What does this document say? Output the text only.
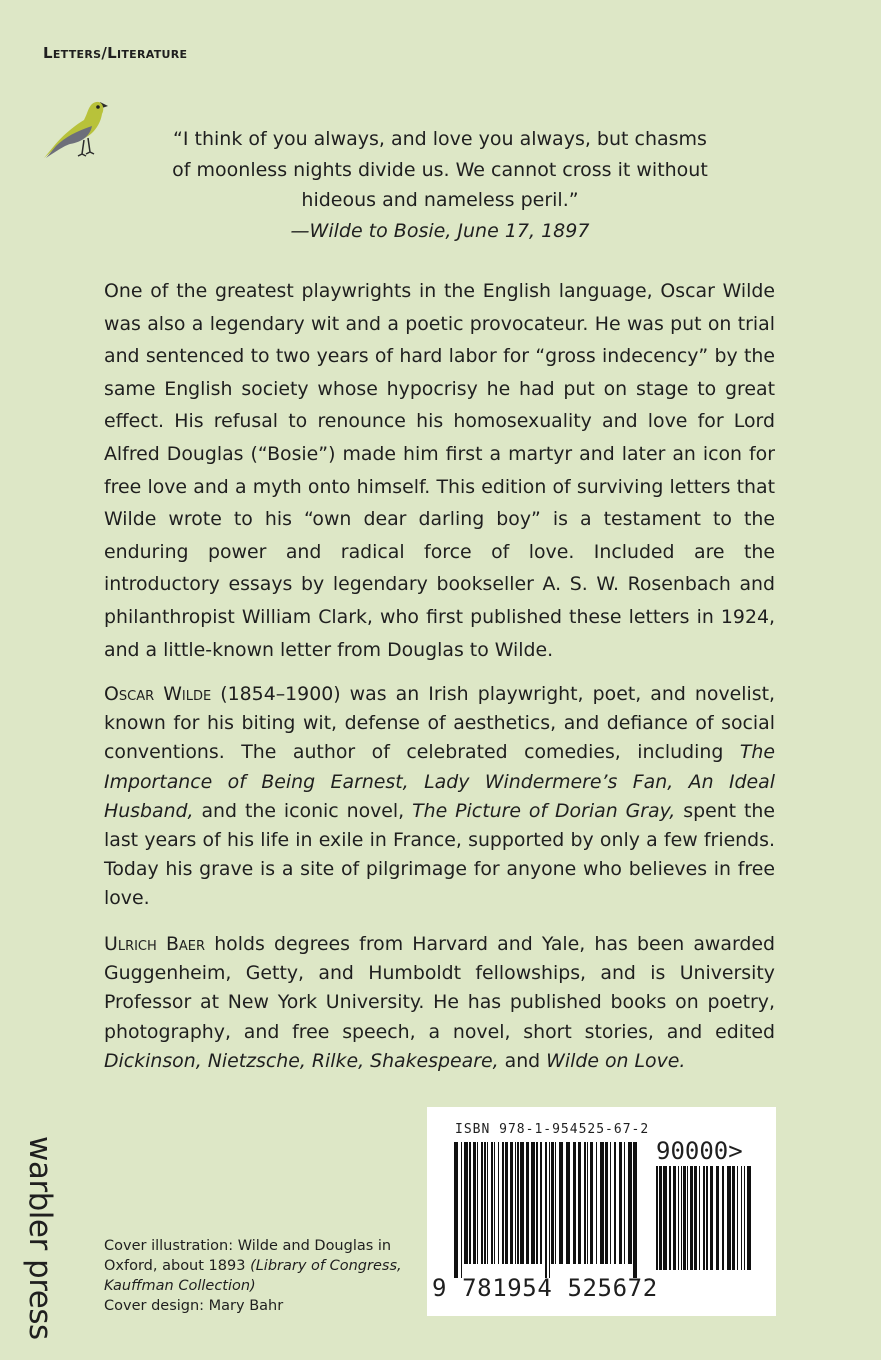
Letters/Literature
“I think of you always, and love you always, but chasms
of moonless nights divide us. We cannot cross it without
hideous and nameless peril.”
—Wilde to Bosie, June 17, 1897
One of the greatest playwrights in the English language, Oscar Wilde was also a legendary wit and a poetic provocateur. He was put on trial and sentenced to two years of hard labor for “gross indecency” by the same English society whose hypocrisy he had put on stage to great effect. His refusal to renounce his homosexuality and love for Lord Alfred Douglas (“Bosie”) made him first a martyr and later an icon for free love and a myth onto himself. This edition of surviving letters that Wilde wrote to his “own dear darling boy” is a testament to the enduring power and radical force of love. Included are the introductory essays by legendary bookseller A. S. W. Rosenbach and philanthropist William Clark, who first published these letters in 1924, and a little-known letter from Douglas to Wilde.
Oscar Wilde (1854–1900) was an Irish playwright, poet, and novelist, known for his biting wit, defense of aesthetics, and defiance of social conventions. The author of celebrated comedies, including The Importance of Being Earnest, Lady Windermere’s Fan, An Ideal Husband, and the iconic novel, The Picture of Dorian Gray, spent the last years of his life in exile in France, supported by only a few friends. Today his grave is a site of pilgrimage for anyone who believes in free love.
Ulrich Baer holds degrees from Harvard and Yale, has been awarded Guggenheim, Getty, and Humboldt fellowships, and is University Professor at New York University. He has published books on poetry, photography, and free speech, a novel, short stories, and edited Dickinson, Nietzsche, Rilke, Shakespeare, and Wilde on Love.
warbler press	Cover illustration: Wilde and Douglas in Oxford, about 1893 (Library of Congress, Kauffman Collection)
Cover design: Mary Bahr
ISBN 978-1-954525-67-2
90000>
9 781954 525672
